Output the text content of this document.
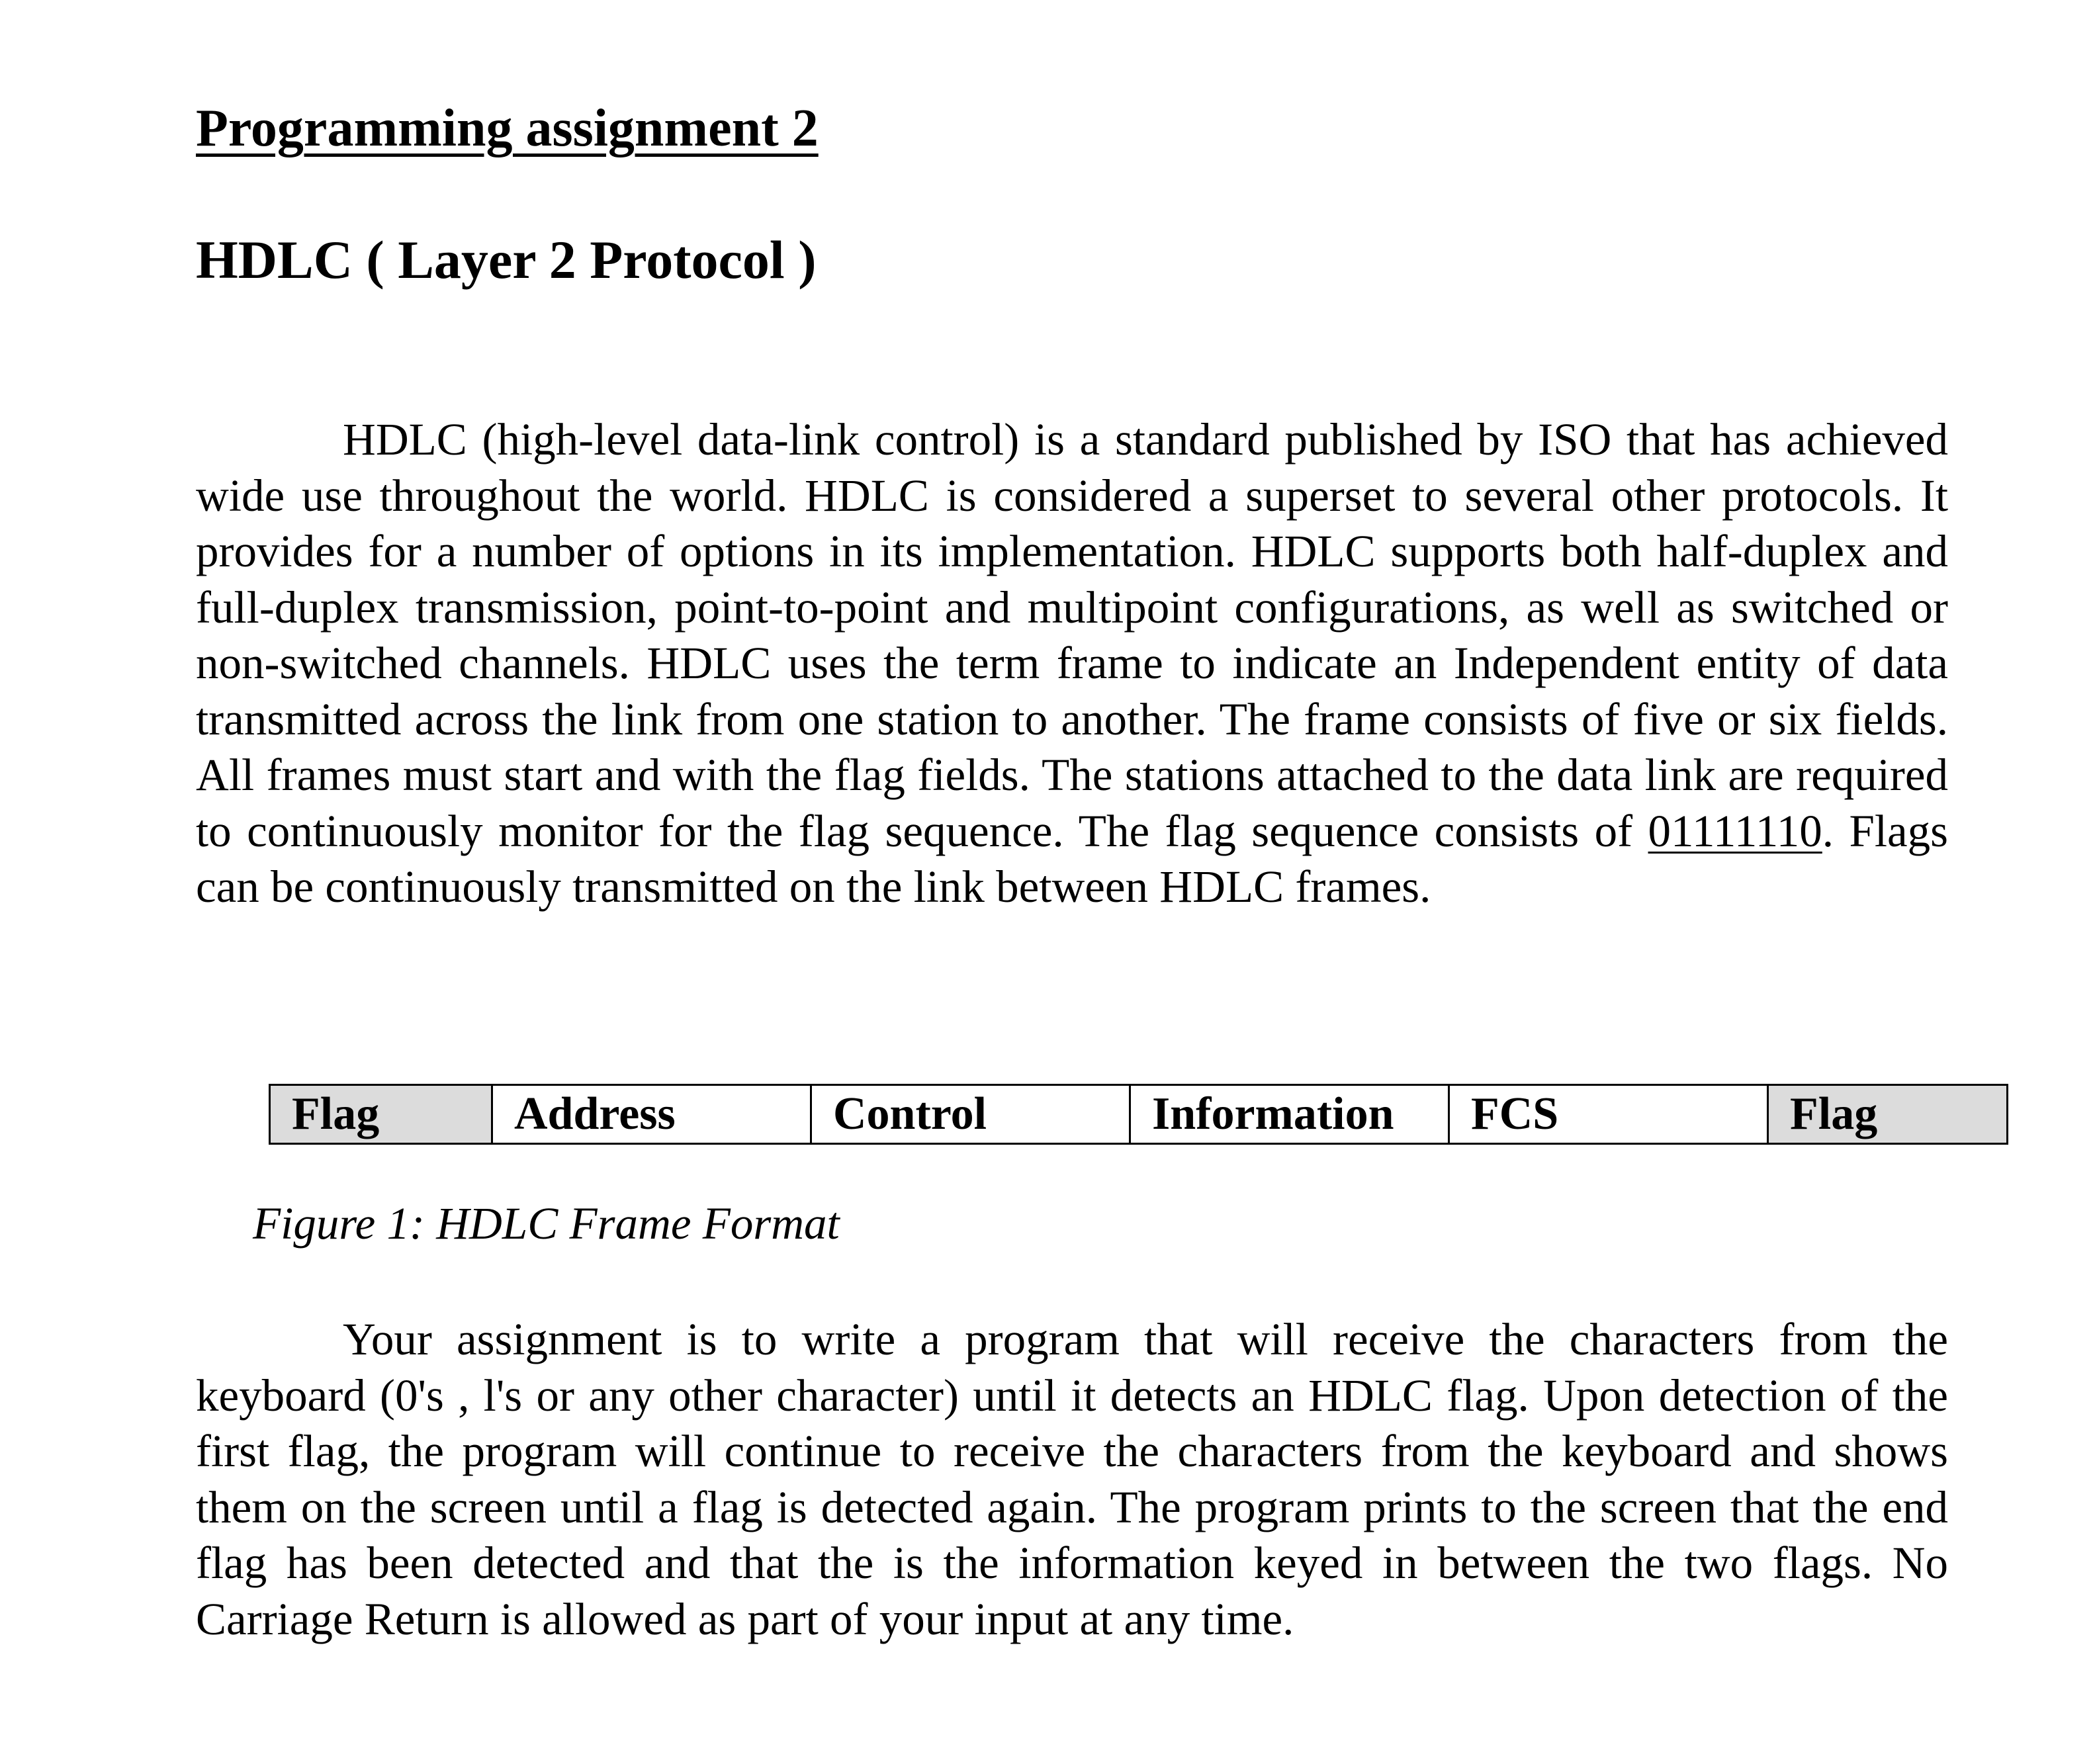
Programming assignment 2
HDLC ( Layer 2 Protocol )

HDLC (high-level data-link control) is a standard published by ISO that has achieved wide use throughout the world. HDLC is considered a superset to several other protocols. It provides for a number of options in its implementation. HDLC supports both half-duplex and full-duplex transmission, point-to-point and multipoint configurations, as well as switched or non-switched channels. HDLC uses the term frame to indicate an Independent entity of data transmitted across the link from one station to another. The frame consists of five or six fields. All frames must start and with the flag fields. The stations attached to the data link are required to continuously monitor for the flag sequence. The flag sequence consists of 01111110. Flags can be continuously transmitted on the link between HDLC frames.

Flag	Address	Control	Information	FCS	Flag

Figure 1: HDLC Frame Format

Your assignment is to write a program that will receive the characters from the keyboard (0's , l's or any other character) until it detects an HDLC flag. Upon detection of the first flag, the program will continue to receive the characters from the keyboard and shows them on the screen until a flag is detected again. The program prints to the screen that the end flag has been detected and that the is the information keyed in between the two flags. No Carriage Return is allowed as part of your input at any time.
